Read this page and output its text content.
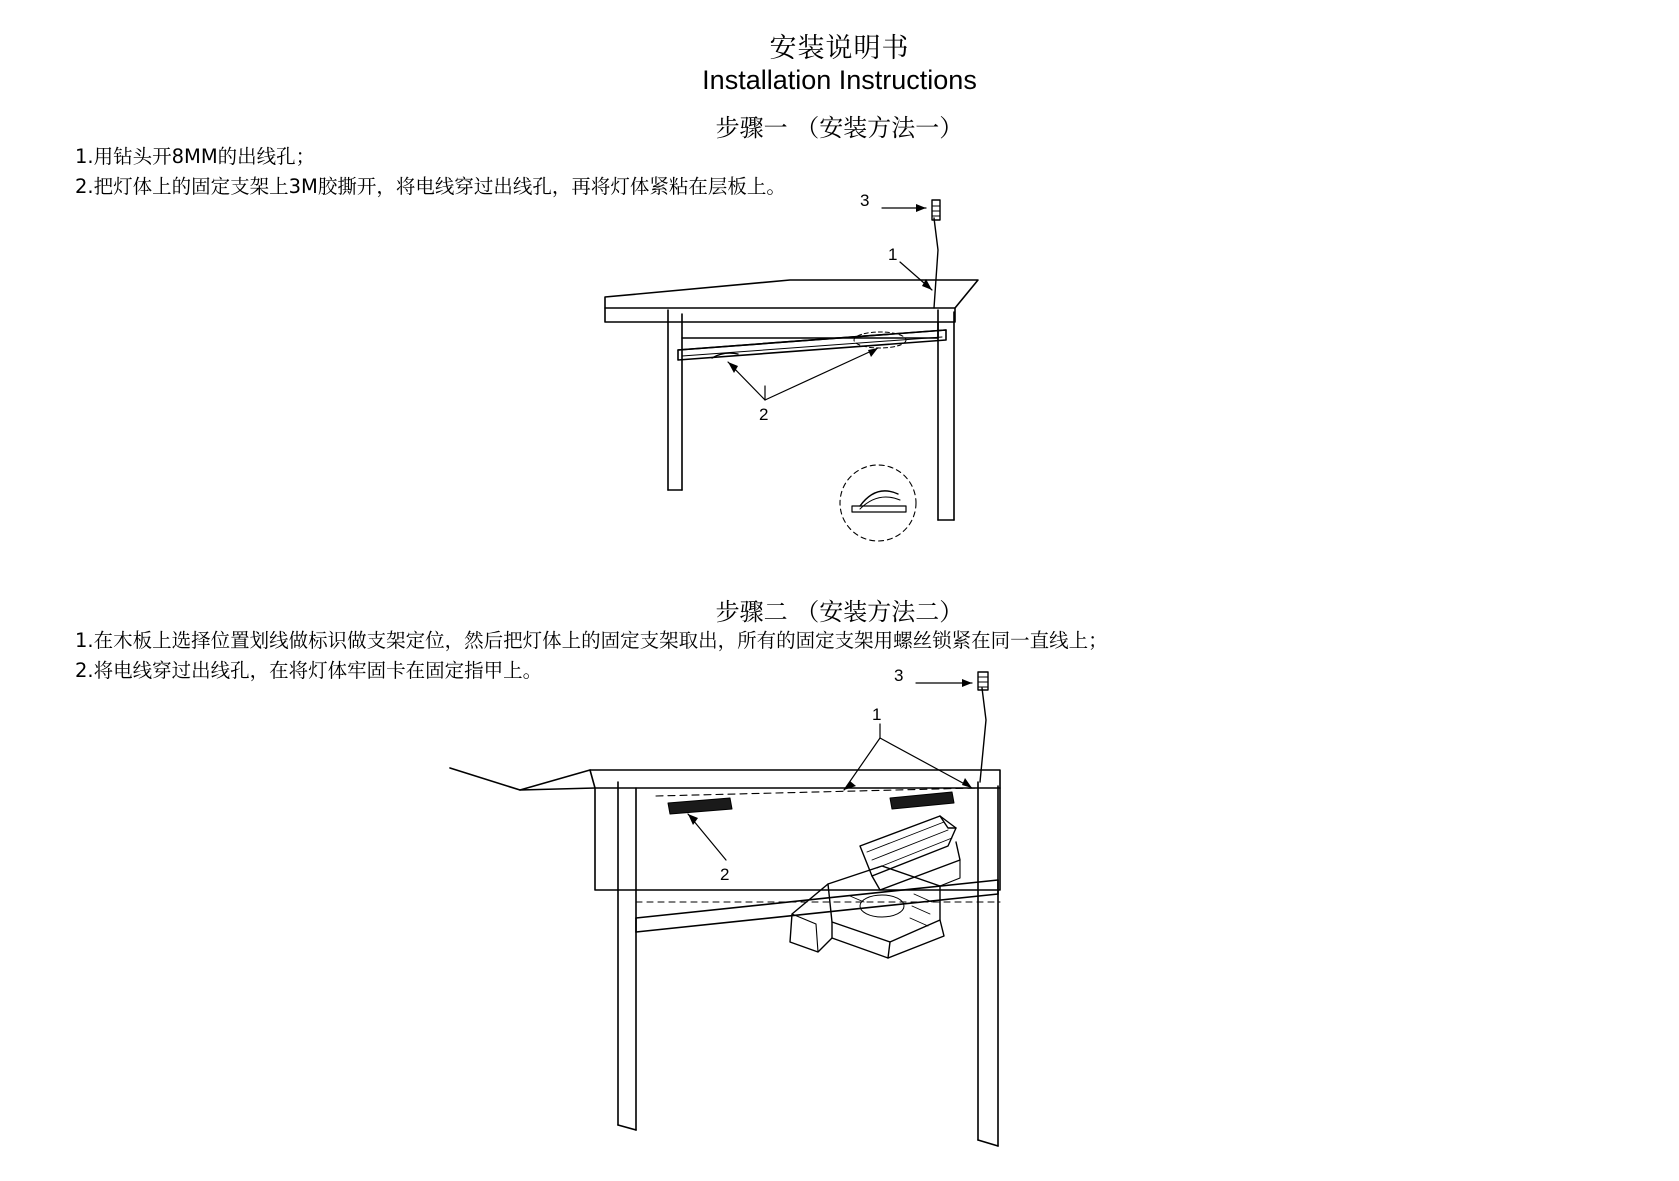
安装说明书
Installation Instructions
步骤一 （安装方法一）
1.用钻头开8MM的出线孔；
2.把灯体上的固定支架上3M胶撕开，将电线穿过出线孔，再将灯体紧粘在层板上。
3
1
2
步骤二 （安装方法二）
1.在木板上选择位置划线做标识做支架定位，然后把灯体上的固定支架取出，所有的固定支架用螺丝锁紧在同一直线上；
2.将电线穿过出线孔，在将灯体牢固卡在固定指甲上。	3
1
2
